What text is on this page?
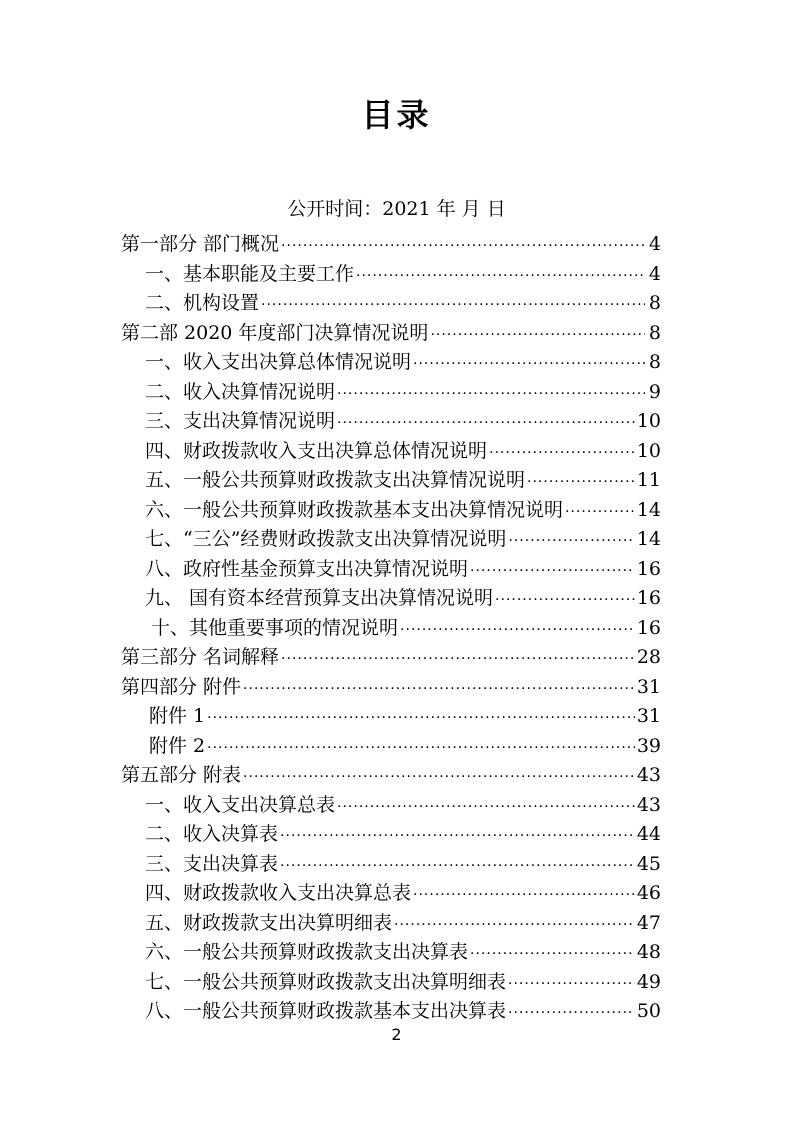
目录
公开时间：2021 年 月 日
第一部分 部门概况 ·····	4
一、基本职能及主要工作 ·····	4
二、机构设置 ·····	8
第二部 2020 年度部门决算情况说明 ·····	8
一、收入支出决算总体情况说明 ·····	8
二、收入决算情况说明 ·····	9
三、支出决算情况说明 ·····	10
四、财政拨款收入支出决算总体情况说明 ·····	10
五、一般公共预算财政拨款支出决算情况说明 ·····	11
六、一般公共预算财政拨款基本支出决算情况说明 ·····	14
七、“三公”经费财政拨款支出决算情况说明 ·····	14
八、政府性基金预算支出决算情况说明 ·····	16
九、 国有资本经营预算支出决算情况说明 ·····	16
十、其他重要事项的情况说明 ·····	16
第三部分 名词解释 ·····	28
第四部分 附件 ·····	31
附件 1 ·····	31
附件 2 ·····	39
第五部分 附表 ·····	43
一、收入支出决算总表 ·····	43
二、收入决算表 ·····	44
三、支出决算表 ·····	45
四、财政拨款收入支出决算总表 ·····	46
五、财政拨款支出决算明细表 ·····	47
六、一般公共预算财政拨款支出决算表 ·····	48
七、一般公共预算财政拨款支出决算明细表 ·····	49
八、一般公共预算财政拨款基本支出决算表 ·····	50
2
